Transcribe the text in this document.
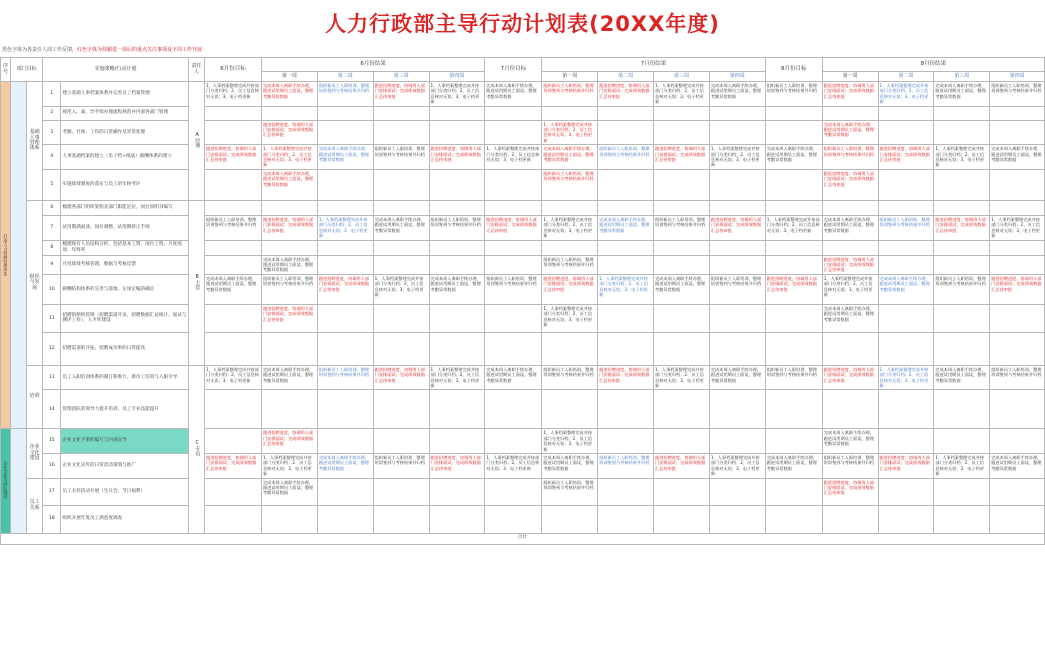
人力行政部主导行动计划表(20XX年度)
黑色字体为各责任人周工作反馈，红色字体为待跟进一项后的重点关注事项及下周工作开展
序号	部门目标		实施策略/行动计划		责任人	6月份目标	6月份结果				7月份目标	7月份结果				8月份目标	8月份结果			
							第一周	第二周	第三周	第四周		第一周	第二周	第三周	第四周		第一周	第二周	第三周	第四周
打造人力资源管理体系		基础人事管理体系	1	建立基础人事档案体系并完善员工档案管理	A经理	1、人事档案整理完成并按部门分类归档；2、员工信息核对无误；3、电子档更新	完成本周入离职手续办理，跟进试用期员工面谈，整理考勤异常数据	组织新员工入职培训，整理培训签到与考核结果并归档	跟进招聘进度，协调用人部门安排面试；完成绩效数据汇总待审批	1、人事档案整理完成并按部门分类归档；2、员工信息核对无误；3、电子档更新	完成本周入离职手续办理，跟进试用期员工面谈，整理考勤异常数据	组织新员工入职培训，整理培训签到与考核结果并归档	跟进招聘进度，协调用人部门安排面试；完成绩效数据汇总待审批	1、人事档案整理完成并按部门分类归档；2、员工信息核对无误；3、电子档更新	完成本周入离职手续办理，跟进试用期员工面谈，整理考勤异常数据	组织新员工入职培训，整理培训签到与考核结果并归档	跟进招聘进度，协调用人部门安排面试；完成绩效数据汇总待审批	1、人事档案整理完成并按部门分类归档；2、员工信息核对无误；3、电子档更新	完成本周入离职手续办理，跟进试用期员工面谈，整理考勤异常数据	组织新员工入职培训，整理培训签到与考核结果并归档
			2	规范入、离、异手续办理流程规范并内部各部门管理																
			3	考勤、社保、工伤的日常操作及异常处理			跟进招聘进度，协调用人部门安排面试；完成绩效数据汇总待审批					1、人事档案整理完成并按部门分类归档；2、员工信息核对无误；3、电子档更新					完成本周入离职手续办理，跟进试用期员工面谈，整理考勤异常数据			
			4	人事基础档案的建立（电子档+纸质）薪酬体系的建立		跟进招聘进度，协调用人部门安排面试；完成绩效数据汇总待审批	1、人事档案整理完成并按部门分类归档；2、员工信息核对无误；3、电子档更新	完成本周入离职手续办理，跟进试用期员工面谈，整理考勤异常数据	组织新员工入职培训，整理培训签到与考核结果并归档	跟进招聘进度，协调用人部门安排面试；完成绩效数据汇总待审批	1、人事档案整理完成并按部门分类归档；2、员工信息核对无误；3、电子档更新	完成本周入离职手续办理，跟进试用期员工面谈，整理考勤异常数据	组织新员工入职培训，整理培训签到与考核结果并归档	跟进招聘进度，协调用人部门安排面试；完成绩效数据汇总待审批	1、人事档案整理完成并按部门分类归档；2、员工信息核对无误；3、电子档更新	完成本周入离职手续办理，跟进试用期员工面谈，整理考勤异常数据	组织新员工入职培训，整理培训签到与考核结果并归档	跟进招聘进度，协调用人部门安排面试；完成绩效数据汇总待审批	1、人事档案整理完成并按部门分类归档；2、员工信息核对无误；3、电子档更新	完成本周入离职手续办理，跟进试用期员工面谈，整理考勤异常数据
			5	实施绩效制度的落实与员工的年终考评			完成本周入离职手续办理，跟进试用期员工面谈，整理考勤异常数据					组织新员工入职培训，整理培训签到与考核结果并归档					跟进招聘进度，协调用人部门安排面试；完成绩效数据汇总待审批			
		组织与发展	6	梳理各部门组织架构及部门职能定位，岗位说明书编写	B主管															
			7	试用期满面谈、岗位调整、试用期转正手续		组织新员工入职培训，整理培训签到与考核结果并归档	跟进招聘进度，协调用人部门安排面试；完成绩效数据汇总待审批	1、人事档案整理完成并按部门分类归档；2、员工信息核对无误；3、电子档更新	完成本周入离职手续办理，跟进试用期员工面谈，整理考勤异常数据	组织新员工入职培训，整理培训签到与考核结果并归档	跟进招聘进度，协调用人部门安排面试；完成绩效数据汇总待审批	1、人事档案整理完成并按部门分类归档；2、员工信息核对无误；3、电子档更新	完成本周入离职手续办理，跟进试用期员工面谈，整理考勤异常数据	组织新员工入职培训，整理培训签到与考核结果并归档	跟进招聘进度，协调用人部门安排面试；完成绩效数据汇总待审批	1、人事档案整理完成并按部门分类归档；2、员工信息核对无误；3、电子档更新	完成本周入离职手续办理，跟进试用期员工面谈，整理考勤异常数据	组织新员工入职培训，整理培训签到与考核结果并归档	跟进招聘进度，协调用人部门安排面试；完成绩效数据汇总待审批	1、人事档案整理完成并按部门分类归档；2、员工信息核对无误；3、电子档更新
			8	梳理现有人员结构分析，包括基本工资、岗位工资、月度绩效、年终奖																
			9	月度绩效考核管理、数据与考核反馈			完成本周入离职手续办理，跟进试用期员工面谈，整理考勤异常数据					组织新员工入职培训，整理培训签到与考核结果并归档					跟进招聘进度，协调用人部门安排面试；完成绩效数据汇总待审批			
			10	薪酬结构体系的完善与落地、定岗定编的确定		完成本周入离职手续办理，跟进试用期员工面谈，整理考勤异常数据	组织新员工入职培训，整理培训签到与考核结果并归档	跟进招聘进度，协调用人部门安排面试；完成绩效数据汇总待审批	1、人事档案整理完成并按部门分类归档；2、员工信息核对无误；3、电子档更新	完成本周入离职手续办理，跟进试用期员工面谈，整理考勤异常数据	组织新员工入职培训，整理培训签到与考核结果并归档	跟进招聘进度，协调用人部门安排面试；完成绩效数据汇总待审批	1、人事档案整理完成并按部门分类归档；2、员工信息核对无误；3、电子档更新	完成本周入离职手续办理，跟进试用期员工面谈，整理考勤异常数据	组织新员工入职培训，整理培训签到与考核结果并归档	跟进招聘进度，协调用人部门安排面试；完成绩效数据汇总待审批	1、人事档案整理完成并按部门分类归档；2、员工信息核对无误；3、电子档更新	完成本周入离职手续办理，跟进试用期员工面谈，整理考勤异常数据	组织新员工入职培训，整理培训签到与考核结果并归档	跟进招聘进度，协调用人部门安排面试；完成绩效数据汇总待审批
			11	招聘的组织管理（招聘渠道开发、招聘数据汇总统计、面试与测评工作），人才库建设			跟进招聘进度，协调用人部门安排面试；完成绩效数据汇总待审批					1、人事档案整理完成并按部门分类归档；2、员工信息核对无误；3、电子档更新					完成本周入离职手续办理，跟进试用期员工面谈，整理考勤异常数据			
			12	招聘渠道的开拓，招聘成功率的日常提高																
		培训	13	员工入职培训体系的制订和推行，新员工培训与入职引导	C专员	1、人事档案整理完成并按部门分类归档；2、员工信息核对无误；3、电子档更新	完成本周入离职手续办理，跟进试用期员工面谈，整理考勤异常数据	组织新员工入职培训，整理培训签到与考核结果并归档	跟进招聘进度，协调用人部门安排面试；完成绩效数据汇总待审批	1、人事档案整理完成并按部门分类归档；2、员工信息核对无误；3、电子档更新	完成本周入离职手续办理，跟进试用期员工面谈，整理考勤异常数据	组织新员工入职培训，整理培训签到与考核结果并归档	跟进招聘进度，协调用人部门安排面试；完成绩效数据汇总待审批	1、人事档案整理完成并按部门分类归档；2、员工信息核对无误；3、电子档更新	完成本周入离职手续办理，跟进试用期员工面谈，整理考勤异常数据	组织新员工入职培训，整理培训签到与考核结果并归档	跟进招聘进度，协调用人部门安排面试；完成绩效数据汇总待审批	1、人事档案整理完成并按部门分类归档；2、员工信息核对无误；3、电子档更新	完成本周入离职手续办理，跟进试用期员工面谈，整理考勤异常数据	组织新员工入职培训，整理培训签到与考核结果并归档
			14	管理团队的领导力提升培训，员工专业技能提升																
企业文化与团队建设		企业文化建设	15	企业文化手册的编写与内部宣导			跟进招聘进度，协调用人部门安排面试；完成绩效数据汇总待审批					1、人事档案整理完成并按部门分类归档；2、员工信息核对无误；3、电子档更新					完成本周入离职手续办理，跟进试用期员工面谈，整理考勤异常数据			
			16	企业文化宣传的日常活动策划与推广		跟进招聘进度，协调用人部门安排面试；完成绩效数据汇总待审批	1、人事档案整理完成并按部门分类归档；2、员工信息核对无误；3、电子档更新	完成本周入离职手续办理，跟进试用期员工面谈，整理考勤异常数据	组织新员工入职培训，整理培训签到与考核结果并归档	跟进招聘进度，协调用人部门安排面试；完成绩效数据汇总待审批	1、人事档案整理完成并按部门分类归档；2、员工信息核对无误；3、电子档更新	完成本周入离职手续办理，跟进试用期员工面谈，整理考勤异常数据	组织新员工入职培训，整理培训签到与考核结果并归档	跟进招聘进度，协调用人部门安排面试；完成绩效数据汇总待审批	1、人事档案整理完成并按部门分类归档；2、员工信息核对无误；3、电子档更新	完成本周入离职手续办理，跟进试用期员工面谈，整理考勤异常数据	组织新员工入职培训，整理培训签到与考核结果并归档	跟进招聘进度，协调用人部门安排面试；完成绩效数据汇总待审批	1、人事档案整理完成并按部门分类归档；2、员工信息核对无误；3、电子档更新	完成本周入离职手续办理，跟进试用期员工面谈，整理考勤异常数据
		员工关系	17	员工关怀活动开展（生日会、节日福利）			完成本周入离职手续办理，跟进试用期员工面谈，整理考勤异常数据					组织新员工入职培训，整理培训签到与考核结果并归档					跟进招聘进度，协调用人部门安排面试；完成绩效数据汇总待审批			
			18	组织开展年度员工满意度调查																
合计																				
